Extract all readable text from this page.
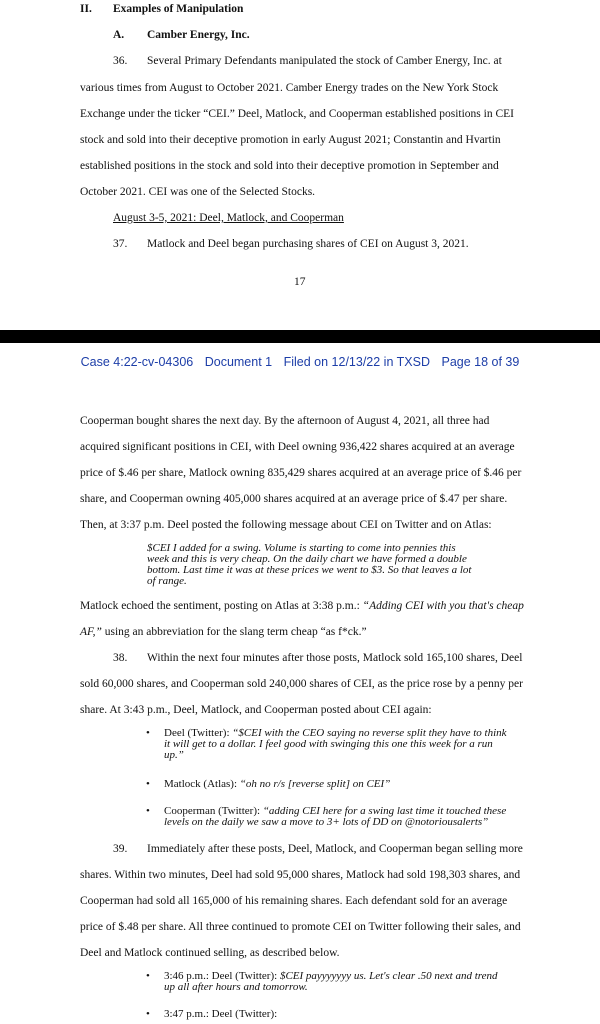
II. Examples of Manipulation
A. Camber Energy, Inc.
36. Several Primary Defendants manipulated the stock of Camber Energy, Inc. at
various times from August to October 2021. Camber Energy trades on the New York Stock
Exchange under the ticker “CEI.” Deel, Matlock, and Cooperman established positions in CEI
stock and sold into their deceptive promotion in early August 2021; Constantin and Hvartin
established positions in the stock and sold into their deceptive promotion in September and
October 2021. CEI was one of the Selected Stocks.
August 3-5, 2021: Deel, Matlock, and Cooperman
37. Matlock and Deel began purchasing shares of CEI on August 3, 2021.
17
Case 4:22-cv-04306 Document 1 Filed on 12/13/22 in TXSD Page 18 of 39
Cooperman bought shares the next day. By the afternoon of August 4, 2021, all three had
acquired significant positions in CEI, with Deel owning 936,422 shares acquired at an average
price of $.46 per share, Matlock owning 835,429 shares acquired at an average price of $.46 per
share, and Cooperman owning 405,000 shares acquired at an average price of $.47 per share.
Then, at 3:37 p.m. Deel posted the following message about CEI on Twitter and on Atlas:
$CEI I added for a swing. Volume is starting to come into pennies this
week and this is very cheap. On the daily chart we have formed a double
bottom. Last time it was at these prices we went to $3. So that leaves a lot
of range.
Matlock echoed the sentiment, posting on Atlas at 3:38 p.m.: “Adding CEI with you that's cheap
AF,” using an abbreviation for the slang term cheap “as f*ck.”
38. Within the next four minutes after those posts, Matlock sold 165,100 shares, Deel
sold 60,000 shares, and Cooperman sold 240,000 shares of CEI, as the price rose by a penny per
share. At 3:43 p.m., Deel, Matlock, and Cooperman posted about CEI again:
• Deel (Twitter): “$CEI with the CEO saying no reverse split they have to think
it will get to a dollar. I feel good with swinging this one this week for a run
up.”
• Matlock (Atlas): “oh no r/s [reverse split] on CEI”
• Cooperman (Twitter): “adding CEI here for a swing last time it touched these
levels on the daily we saw a move to 3+ lots of DD on @notoriousalerts”
39. Immediately after these posts, Deel, Matlock, and Cooperman began selling more
shares. Within two minutes, Deel had sold 95,000 shares, Matlock had sold 198,303 shares, and
Cooperman had sold all 165,000 of his remaining shares. Each defendant sold for an average
price of $.48 per share. All three continued to promote CEI on Twitter following their sales, and
Deel and Matlock continued selling, as described below.
• 3:46 p.m.: Deel (Twitter): $CEI payyyyyyy us. Let's clear .50 next and trend
up all after hours and tomorrow.
• 3:47 p.m.: Deel (Twitter):
